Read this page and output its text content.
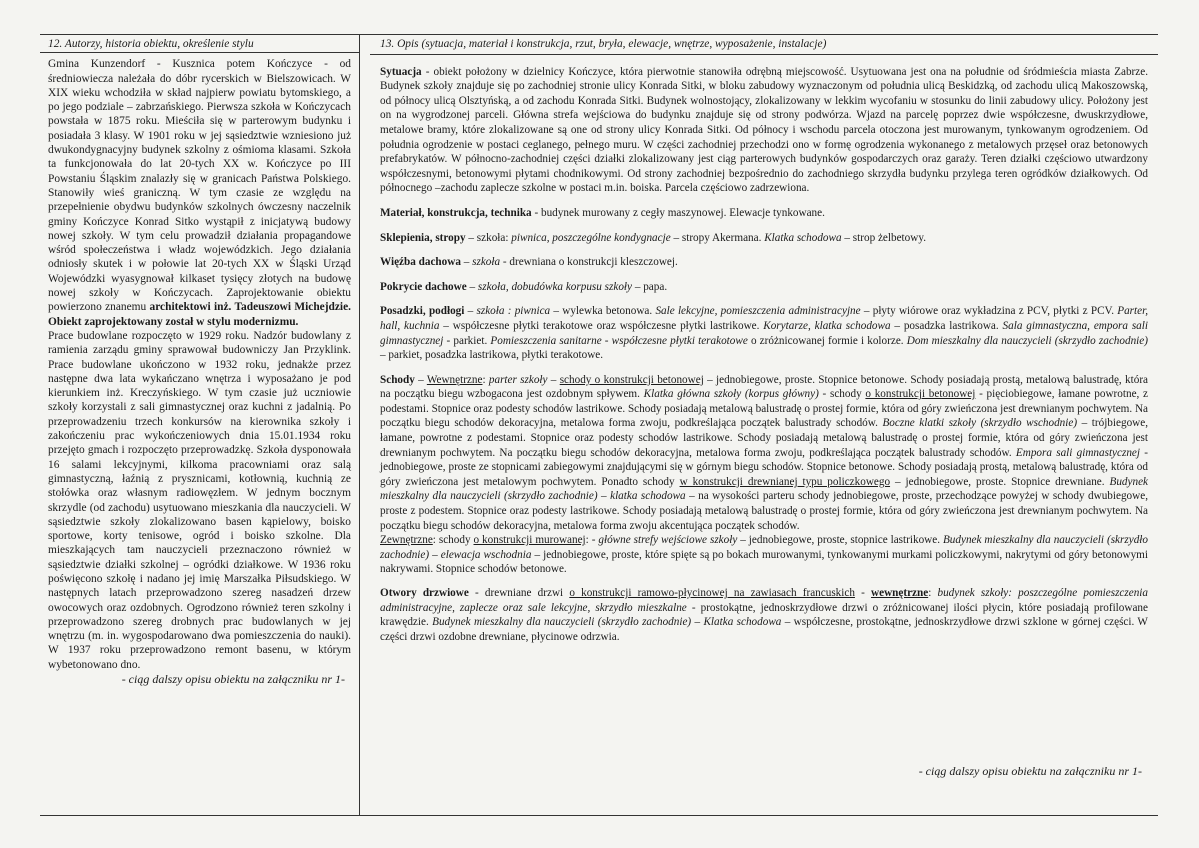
12. Autorzy, historia obiektu, określenie stylu

Gmina Kunzendorf - Kusznica potem Kończyce - od średniowiecza należała do dóbr rycerskich w Bielszowicach. W XIX wieku wchodziła w skład najpierw powiatu bytomskiego, a po jego podziale – zabrzańskiego. Pierwsza szkoła w Kończycach powstała w 1875 roku. Mieściła się w parterowym budynku i posiadała 3 klasy. W 1901 roku w jej sąsiedztwie wzniesiono już dwukondygnacyjny budynek szkolny z ośmioma klasami. Szkoła ta funkcjonowała do lat 20-tych XX w. Kończyce po III Powstaniu Śląskim znalazły się w granicach Państwa Polskiego. Stanowiły wieś graniczną. W tym czasie ze względu na przepełnienie obydwu budynków szkolnych ówczesny naczelnik gminy Kończyce Konrad Sitko wystąpił z inicjatywą budowy nowej szkoły. W tym celu prowadził działania propagandowe wśród społeczeństwa i władz wojewódzkich. Jego działania odniosły skutek i w połowie lat 20-tych XX w Śląski Urząd Wojewódzki wyasygnował kilkaset tysięcy złotych na budowę nowej szkoły w Kończycach. Zaprojektowanie obiektu powierzono znanemu architektowi inż. Tadeuszowi Michejdzie. Obiekt zaprojektowany został w stylu modernizmu.

Prace budowlane rozpoczęto w 1929 roku. Nadzór budowlany z ramienia zarządu gminy sprawował budowniczy Jan Przyklink. Prace budowlane ukończono w 1932 roku, jednakże przez następne dwa lata wykańczano wnętrza i wyposażano je pod kierunkiem inż. Kreczyńskiego. W tym czasie już uczniowie szkoły korzystali z sali gimnastycznej oraz kuchni z jadalnią. Po przeprowadzeniu trzech konkursów na kierownika szkoły i zakończeniu prac wykończeniowych dnia 15.01.1934 roku przejęto gmach i rozpoczęto przeprowadzkę. Szkoła dysponowała 16 salami lekcyjnymi, kilkoma pracowniami oraz salą gimnastyczną, łaźnią z prysznicami, kotłownią, kuchnią ze stołówka oraz własnym radiowęzłem. W jednym bocznym skrzydle (od zachodu) usytuowano mieszkania dla nauczycieli. W sąsiedztwie szkoły zlokalizowano basen kąpielowy, boisko sportowe, korty tenisowe, ogród i boisko szkolne. Dla mieszkających tam nauczycieli przeznaczono również w sąsiedztwie działki szkolnej – ogródki działkowe. W 1936 roku poświęcono szkołę i nadano jej imię Marszałka Piłsudskiego. W następnych latach przeprowadzono szereg nasadzeń drzew owocowych oraz ozdobnych. Ogrodzono również teren szkolny i przeprowadzono szereg drobnych prac budowlanych w jej wnętrzu (m. in. wygospodarowano dwa pomieszczenia do nauki). W 1937 roku przeprowadzono remont basenu, w którym wybetonowano dno.

- ciąg dalszy opisu obiektu na załączniku nr 1-
13. Opis (sytuacja, materiał i konstrukcja, rzut, bryła, elewacje, wnętrze, wyposażenie, instalacje)

Sytuacja - obiekt położony w dzielnicy Kończyce, która pierwotnie stanowiła odrębną miejscowość. Usytuowana jest ona na południe od śródmieścia miasta Zabrze. Budynek szkoły znajduje się po zachodniej stronie ulicy Konrada Sitki, w bloku zabudowy wyznaczonym od południa ulicą Beskidzką, od zachodu ulicą Makoszowską, od północy ulicą Olsztyńską, a od zachodu Konrada Sitki. Budynek wolnostojący, zlokalizowany w lekkim wycofaniu w stosunku do linii zabudowy ulicy. Położony jest on na wygrodzonej parceli. Główna strefa wejściowa do budynku znajduje się od strony podwórza. Wjazd na parcelę poprzez dwie współczesne, dwuskrzydłowe, metalowe bramy, które zlokalizowane są one od strony ulicy Konrada Sitki. Od północy i wschodu parcela otoczona jest murowanym, tynkowanym ogrodzeniem. Od południa ogrodzenie w postaci ceglanego, pełnego muru. W części zachodniej przechodzi ono w formę ogrodzenia wykonanego z metalowych przęseł oraz betonowych prefabrykatów. W północno-zachodniej części działki zlokalizowany jest ciąg parterowych budynków gospodarczych oraz garaży. Teren działki częściowo utwardzony współczesnymi, betonowymi płytami chodnikowymi. Od strony zachodniej bezpośrednio do zachodniego skrzydła budynku przylega teren ogródków działkowych. Od północnego –zachodu zaplecze szkolne w postaci m.in. boiska. Parcela częściowo zadrzewiona.

Materiał, konstrukcja, technika - budynek murowany z cegły maszynowej. Elewacje tynkowane.

Sklepienia, stropy – szkoła: piwnica, poszczególne kondygnacje – stropy Akermana. Klatka schodowa – strop żelbetowy.

Więźba dachowa – szkoła - drewniana o konstrukcji kleszczowej.

Pokrycie dachowe – szkoła, dobudówka korpusu szkoły – papa.

Posadzki, podłogi – szkoła : piwnica – wylewka betonowa. Sale lekcyjne, pomieszczenia administracyjne – płyty wiórowe oraz wykładzina z PCV, płytki z PCV. Parter, hall, kuchnia – współczesne płytki terakotowe oraz współczesne płytki lastrikowe. Korytarze, klatka schodowa – posadzka lastrikowa. Sala gimnastyczna, empora sali gimnastycznej - parkiet. Pomieszczenia sanitarne - współczesne płytki terakotowe o zróżnicowanej formie i kolorze. Dom mieszkalny dla nauczycieli (skrzydło zachodnie) – parkiet, posadzka lastrikowa, płytki terakotowe.

Schody – Wewnętrzne: parter szkoły – schody o konstrukcji betonowej – jednobiegowe, proste. Stopnice betonowe. Schody posiadają prostą, metalową balustradę, która na początku biegu wzbogacona jest ozdobnym spływem. Klatka główna szkoły (korpus główny) - schody o konstrukcji betonowej - pięciobiegowe, łamane powrotne, z podestami. Stopnice oraz podesty schodów lastrikowe. Schody posiadają metalową balustradę o prostej formie, która od góry zwieńczona jest drewnianym pochwytem. Na początku biegu schodów dekoracyjna, metalowa forma zwoju, podkreślająca początek balustrady schodów. Boczne klatki szkoły (skrzydło wschodnie) – trójbiegowe, łamane, powrotne z podestami. Stopnice oraz podesty schodów lastrikowe. Schody posiadają metalową balustradę o prostej formie, która od góry zwieńczona jest drewnianym pochwytem. Na początku biegu schodów dekoracyjna, metalowa forma zwoju, podkreślająca początek balustrady schodów. Empora sali gimnastycznej - jednobiegowe, proste ze stopnicami zabiegowymi znajdującymi się w górnym biegu schodów. Stopnice betonowe. Schody posiadają prostą, metalową balustradę, która od góry zwieńczona jest metalowym pochwytem. Ponadto schody w konstrukcji drewnianej typu policzkowego – jednobiegowe, proste. Stopnice drewniane. Budynek mieszkalny dla nauczycieli (skrzydło zachodnie) – klatka schodowa – na wysokości parteru schody jednobiegowe, proste, przechodzące powyżej w schody dwubiegowe, proste z podestem. Stopnice oraz podesty lastrikowe. Schody posiadają metalową balustradę o prostej formie, która od góry zwieńczona jest drewnianym pochwytem. Na początku biegu schodów dekoracyjna, metalowa forma zwoju akcentująca początek schodów.
Zewnętrzne: schody o konstrukcji murowanej: - główne strefy wejściowe szkoły – jednobiegowe, proste, stopnice lastrikowe. Budynek mieszkalny dla nauczycieli (skrzydło zachodnie) – elewacja wschodnia – jednobiegowe, proste, które spięte są po bokach murowanymi, tynkowanymi murkami policzkowymi, nakrytymi od góry betonowymi nakrywami. Stopnice schodów betonowe.

Otwory drzwiowe - drewniane drzwi o konstrukcji ramowo-płycinowej na zawiasach francuskich - wewnętrzne: budynek szkoły: poszczególne pomieszczenia administracyjne, zaplecze oraz sale lekcyjne, skrzydło mieszkalne - prostokątne, jednoskrzydłowe drzwi o zróżnicowanej ilości płycin, które posiadają profilowane krawędzie. Budynek mieszkalny dla nauczycieli (skrzydło zachodnie) – Klatka schodowa – współczesne, prostokątne, jednoskrzydłowe drzwi szklone w górnej części. W części drzwi ozdobne drewniane, płycinowe odrzwia.

- ciąg dalszy opisu obiektu na załączniku nr 1-
